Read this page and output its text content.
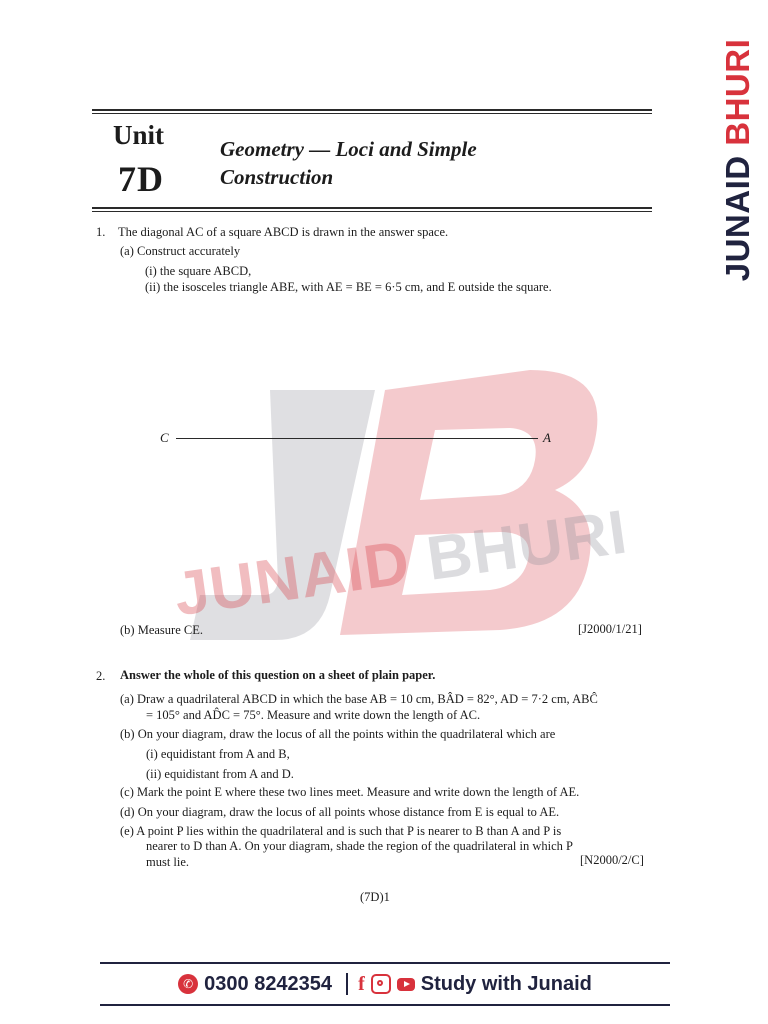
JUNAID BHURI
JUNAID BHURI
Unit
7D
Geometry — Loci and Simple
Construction
1. The diagonal AC of a square ABCD is drawn in the answer space.
(a) Construct accurately
(i) the square ABCD,
(ii) the isosceles triangle ABE, with AE = BE = 6·5 cm, and E outside the square.
C	A
(b) Measure CE.	[J2000/1/21]
2. Answer the whole of this question on a sheet of plain paper.
(a) Draw a quadrilateral ABCD in which the base AB = 10 cm, BÂD = 82°, AD = 7·2 cm, ABĈ
= 105° and AD̂C = 75°. Measure and write down the length of AC.
(b) On your diagram, draw the locus of all the points within the quadrilateral which are
(i) equidistant from A and B,
(ii) equidistant from A and D.
(c) Mark the point E where these two lines meet. Measure and write down the length of AE.
(d) On your diagram, draw the locus of all points whose distance from E is equal to AE.
(e) A point P lies within the quadrilateral and is such that P is nearer to B than A and P is
nearer to D than A. On your diagram, shade the region of the quadrilateral in which P
must lie.	[N2000/2/C]
(7D)1
✆ 0300 8242354 f	Study with Junaid
